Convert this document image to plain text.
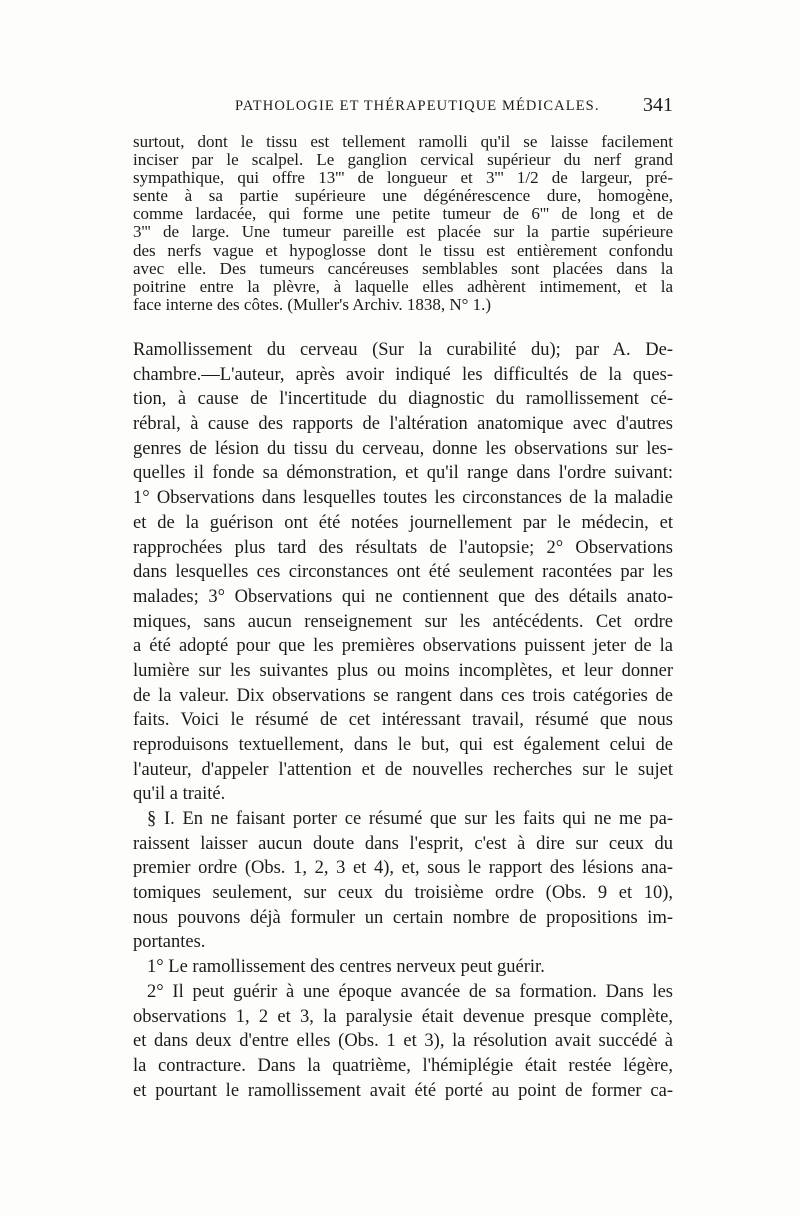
PATHOLOGIE ET THÉRAPEUTIQUE MÉDICALES. 341
surtout, dont le tissu est tellement ramolli qu'il se laisse facilement
inciser par le scalpel. Le ganglion cervical supérieur du nerf grand
sympathique, qui offre 13''' de longueur et 3''' 1/2 de largeur, pré-
sente à sa partie supérieure une dégénérescence dure, homogène,
comme lardacée, qui forme une petite tumeur de 6''' de long et de
3''' de large. Une tumeur pareille est placée sur la partie supérieure
des nerfs vague et hypoglosse dont le tissu est entièrement confondu
avec elle. Des tumeurs cancéreuses semblables sont placées dans la
poitrine entre la plèvre, à laquelle elles adhèrent intimement, et la
face interne des côtes. (Muller's Archiv. 1838, N° 1.)
Ramollissement du cerveau (Sur la curabilité du); par A. De-
chambre.—L'auteur, après avoir indiqué les difficultés de la ques-
tion, à cause de l'incertitude du diagnostic du ramollissement cé-
rébral, à cause des rapports de l'altération anatomique avec d'autres
genres de lésion du tissu du cerveau, donne les observations sur les-
quelles il fonde sa démonstration, et qu'il range dans l'ordre suivant:
1° Observations dans lesquelles toutes les circonstances de la maladie
et de la guérison ont été notées journellement par le médecin, et
rapprochées plus tard des résultats de l'autopsie; 2° Observations
dans lesquelles ces circonstances ont été seulement racontées par les
malades; 3° Observations qui ne contiennent que des détails anato-
miques, sans aucun renseignement sur les antécédents. Cet ordre
a été adopté pour que les premières observations puissent jeter de la
lumière sur les suivantes plus ou moins incomplètes, et leur donner
de la valeur. Dix observations se rangent dans ces trois catégories de
faits. Voici le résumé de cet intéressant travail, résumé que nous
reproduisons textuellement, dans le but, qui est également celui de
l'auteur, d'appeler l'attention et de nouvelles recherches sur le sujet
qu'il a traité.
§ I. En ne faisant porter ce résumé que sur les faits qui ne me pa-
raissent laisser aucun doute dans l'esprit, c'est à dire sur ceux du
premier ordre (Obs. 1, 2, 3 et 4), et, sous le rapport des lésions ana-
tomiques seulement, sur ceux du troisième ordre (Obs. 9 et 10),
nous pouvons déjà formuler un certain nombre de propositions im-
portantes.
1° Le ramollissement des centres nerveux peut guérir.
2° Il peut guérir à une époque avancée de sa formation. Dans les
observations 1, 2 et 3, la paralysie était devenue presque complète,
et dans deux d'entre elles (Obs. 1 et 3), la résolution avait succédé à
la contracture. Dans la quatrième, l'hémiplégie était restée légère,
et pourtant le ramollissement avait été porté au point de former ca-
